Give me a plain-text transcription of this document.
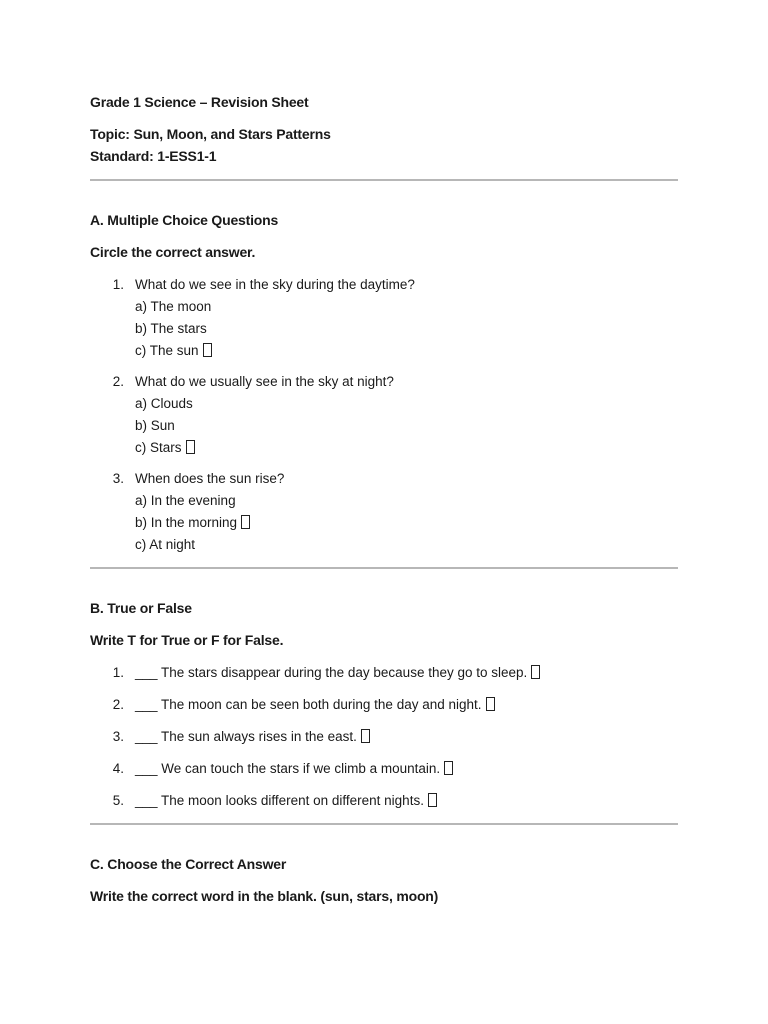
Grade 1 Science – Revision Sheet
Topic: Sun, Moon, and Stars Patterns
Standard: 1-ESS1-1
A. Multiple Choice Questions
Circle the correct answer.
1. What do we see in the sky during the daytime?
a) The moon
b) The stars
c) The sun
2. What do we usually see in the sky at night?
a) Clouds
b) Sun
c) Stars
3. When does the sun rise?
a) In the evening
b) In the morning
c) At night
B. True or False
Write T for True or F for False.
1. ___ The stars disappear during the day because they go to sleep.
2. ___ The moon can be seen both during the day and night.
3. ___ The sun always rises in the east.
4. ___ We can touch the stars if we climb a mountain.
5. ___ The moon looks different on different nights.
C. Choose the Correct Answer
Write the correct word in the blank. (sun, stars, moon)
